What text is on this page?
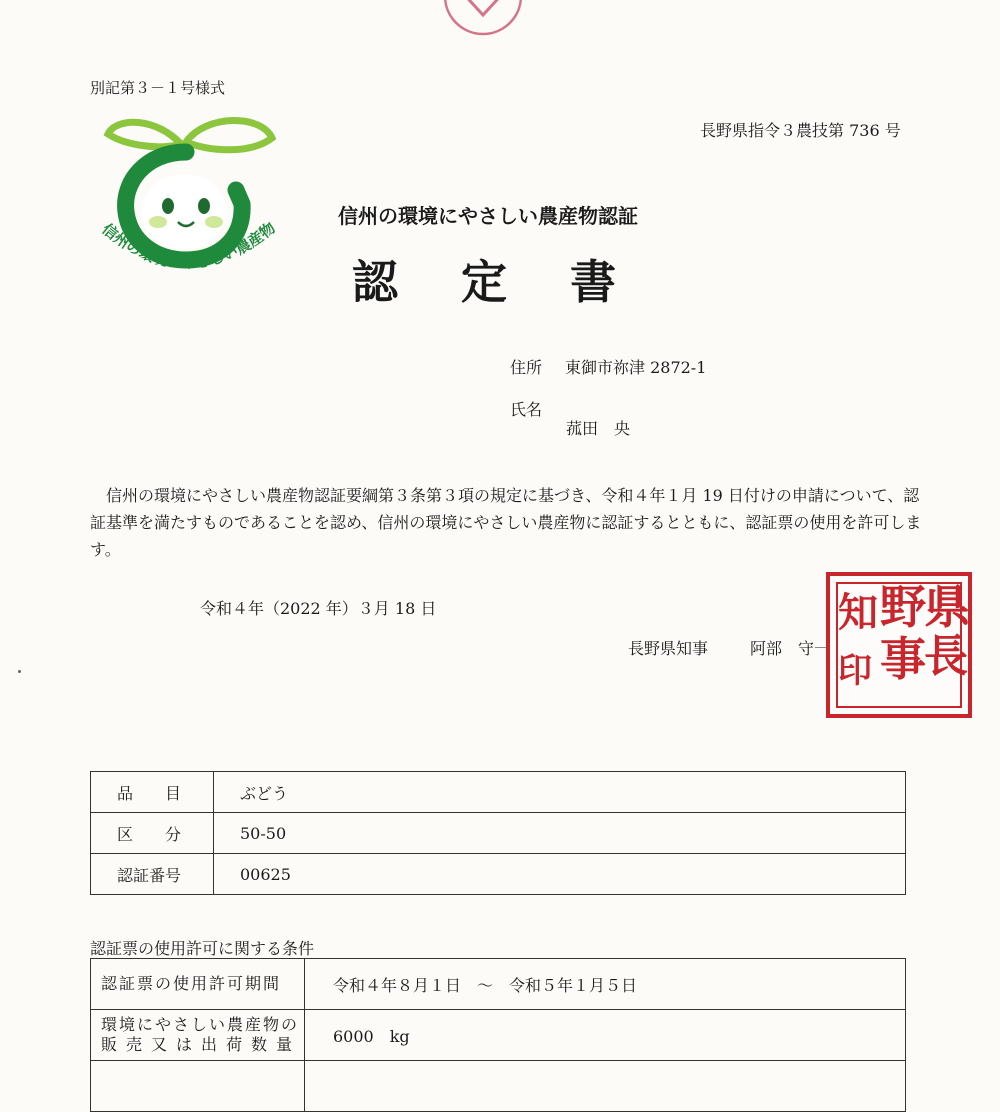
別記第３－１号様式
長野県指令３農技第 736 号
信州の環境にやさしい農産物
信州の環境にやさしい農産物認証
認定書
住所 東御市祢津 2872-1
氏名
菰田　央

信州の環境にやさしい農産物認証要綱第３条第３項の規定に基づき、令和４年１月 19 日付けの申請について、認証基準を満たすものであることを認め、信州の環境にやさしい農産物に認証するとともに、認証票の使用を許可します。

令和４年（2022 年）３月 18 日
長野県知事	阿部　守一
県
長
野
事
知
印
品　　目	ぶどう
区　　分	50-50
認証番号	00625
認証票の使用許可に関する条件
認証票の使用許可期間	令和４年８月１日　～　令和５年１月５日

環境にやさしい農産物の
販売又は出荷数量	6000　kg
